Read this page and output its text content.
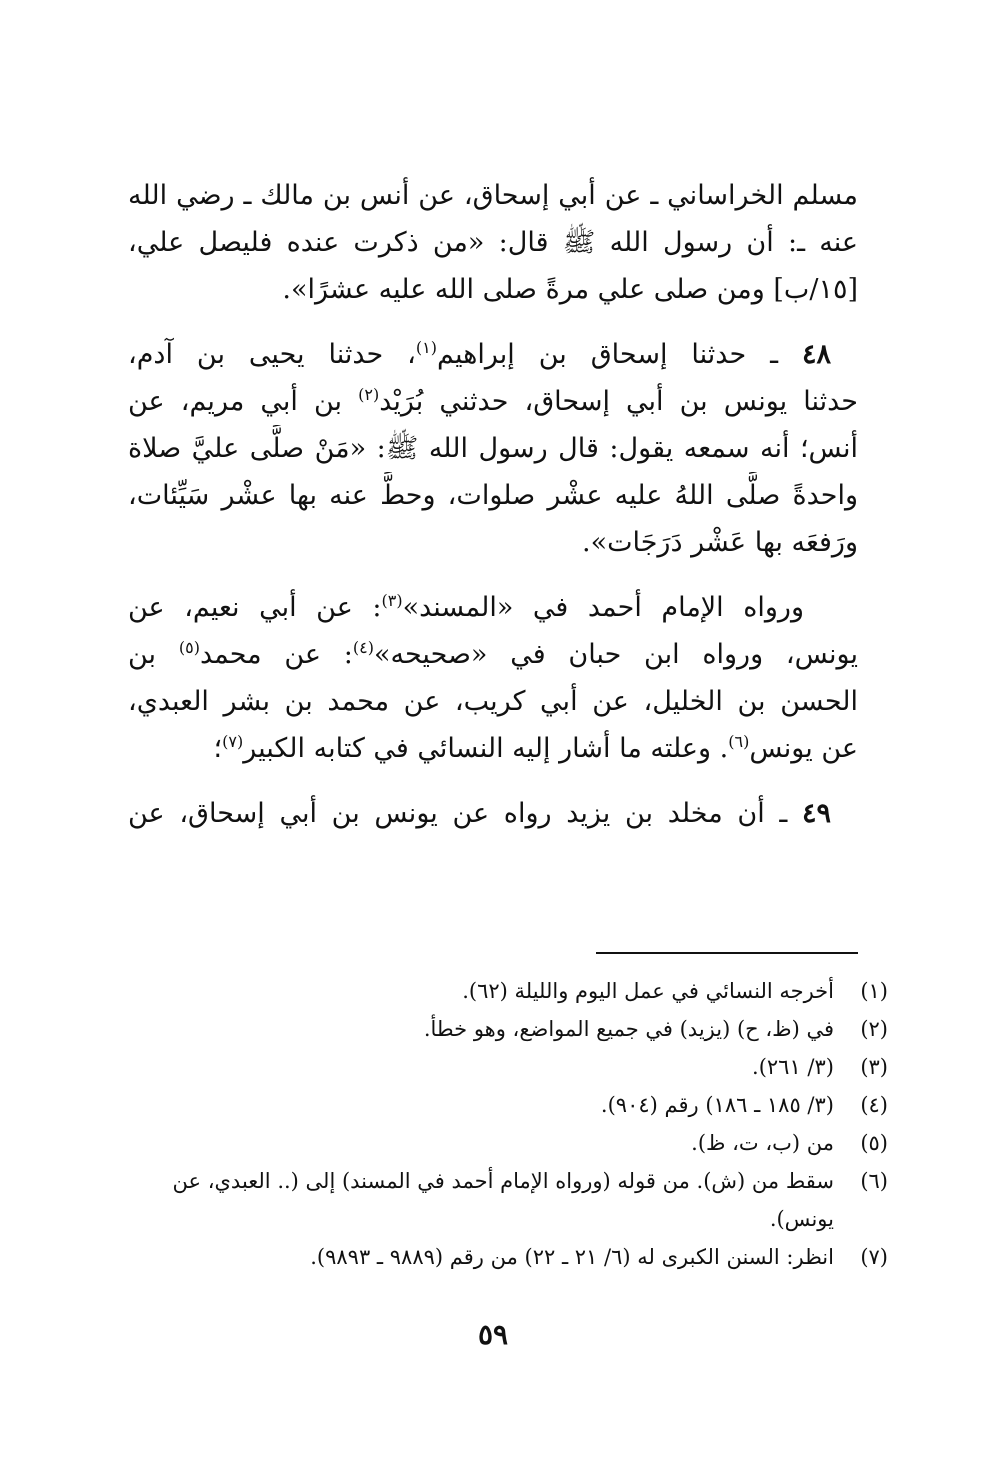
مسلم الخراساني ـ عن أبي إسحاق، عن أنس بن مالك ـ رضي الله
عنه ـ: أن رسول الله ﷺ قال: «من ذكرت عنده فليصل علي،
[١٥/ب] ومن صلى علي مرةً صلى الله عليه عشرًا».
 ٤٨ ـ حدثنا إسحاق بن إبراهيم$^{(١)}$، حدثنا يحيى بن آدم،
حدثنا يونس بن أبي إسحاق، حدثني بُرَيْد$^{(٢)}$ بن أبي مريم، عن
أنس؛ أنه سمعه يقول: قال رسول الله ﷺ: «مَنْ صلَّى عليَّ صلاة
واحدةً صلَّى اللهُ عليه عشْر صلوات، وحطَّ عنه بها عشْر سَيِّئات،
ورَفعَه بها عَشْر دَرَجَات».
  ورواه الإمام أحمد في «المسند»$^{(٣)}$: عن أبي نعيم، عن
يونس، ورواه ابن حبان في «صحيحه»$^{(٤)}$: عن محمد$^{(٥)}$ بن
الحسن بن الخليل، عن أبي كريب، عن محمد بن بشر العبدي،
عن يونس$^{(٦)}$. وعلته ما أشار إليه النسائي في كتابه الكبير$^{(٧)}$؛
 ٤٩ ـ أن مخلد بن يزيد رواه عن يونس بن أبي إسحاق، عن
(١)
أخرجه النسائي في عمل اليوم والليلة (٦٢).
(٢)
في (ظ، ح) (يزيد) في جميع المواضع، وهو خطأ.
(٣)
(٣/ ٢٦١).
(٤)
(٣/ ١٨٥ ـ ١٨٦) رقم (٩٠٤).
(٥)
من (ب، ت، ظ).
(٦)
سقط من (ش). من قوله (ورواه الإمام أحمد في المسند) إلى (.. العبدي، عن يونس).
(٧)
انظر: السنن الكبرى له (٦/ ٢١ ـ ٢٢) من رقم (٩٨٨٩ ـ ٩٨٩٣).
٥٩
